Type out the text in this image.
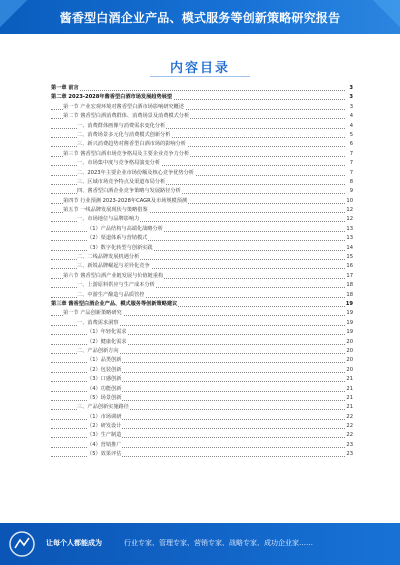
酱香型白酒企业产品、模式服务等创新策略研究报告
内容目录
第一章 前言	3
第二章 2023-2028年酱香型白酒市场发展趋势展望	3
第一节 产业宏观环境对酱香型白酒市场影响研究概述	3
第二节 酱香型白酒消费群体、消费场景及消费模式分析	4
一、消费群体画像与消费需求变化分析	4
二、消费场景多元化与消费模式创新分析	5
三、新兴消费趋势对酱香型白酒市场的影响分析	6
第三节 酱香型白酒市场竞争格局及主要企业竞争力分析	7
一、市场集中度与竞争格局演变分析	7
二、2023年主要企业市场份额及核心竞争优势分析	7
三、区域市场竞争特点及渠道布局分析	8
四、酱香型白酒企业竞争策略与发展路径分析	9
第四节 行业预测 2023-2028年CAGR及市场规模预测	10
第五节 一线品牌发展现状与策略借鉴	12
一、市场地位与品牌影响力	12
（1）产品结构与高端化战略分析	13
（2）渠道体系与营销模式	13
（3）数字化转型与创新实践	14
二、二线品牌发展机遇分析	15
三、新锐品牌崛起与差异化竞争	16
第六节 酱香型白酒产业链发展与价值链重构	17
一、上游原料供应与生产成本分析	18
二、中游生产酿造与品质管控	18
第三章 酱香型白酒企业产品、模式服务等创新策略建议	19
第一节 产品创新策略研究	19
一、消费需求洞察	19
（1）年轻化需求	19
（2）健康化需求	20
二、产品创新方向	20
（1）品类创新	20
（2）包装创新	20
（3）口感创新	21
（4）功能创新	21
（5）场景创新	21
三、产品创新实施路径	21
（1）市场调研	22
（2）研发设计	22
（3）生产制造	22
（4）营销推广	23
（5）效果评估	23
让每个人都能成为	行业专家、管理专家、营销专家、战略专家、成功企业家……
